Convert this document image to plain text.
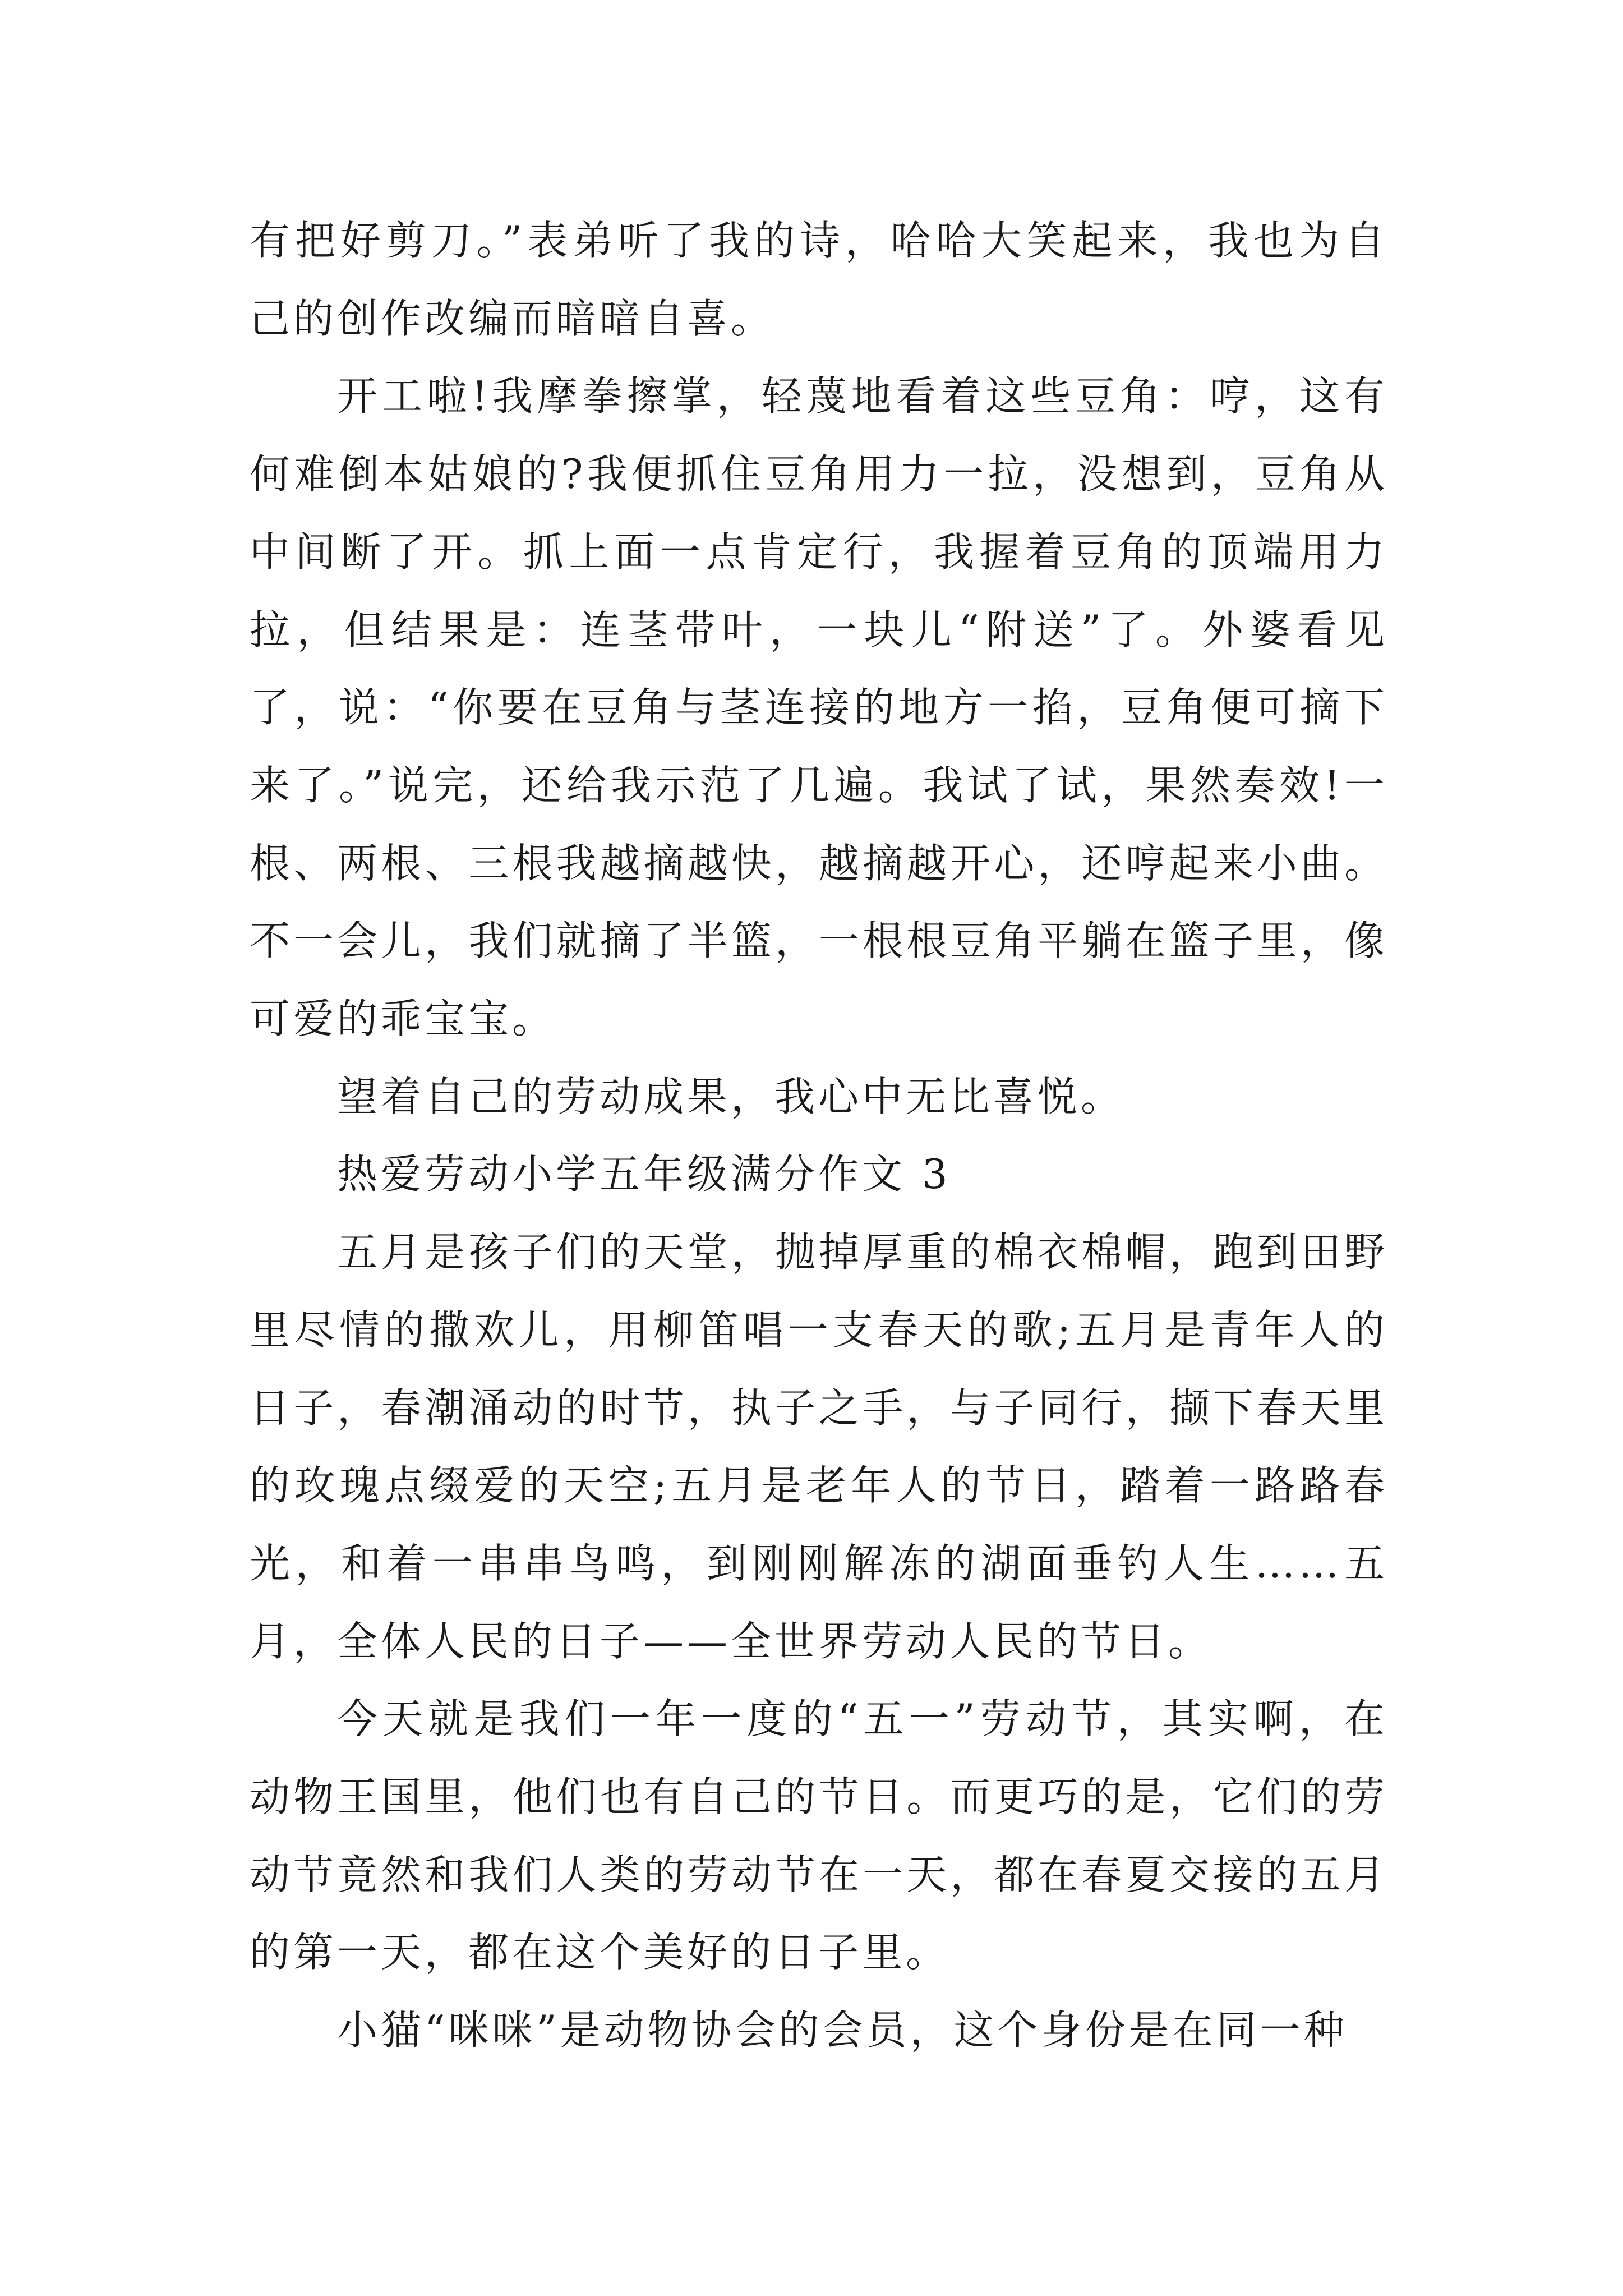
有把好剪刀。”表弟听了我的诗，哈哈大笑起来，我也为自己的创作改编而暗暗自喜。

开工啦!我摩拳擦掌，轻蔑地看着这些豆角：哼，这有何难倒本姑娘的?我便抓住豆角用力一拉，没想到，豆角从中间断了开。抓上面一点肯定行，我握着豆角的顶端用力拉，但结果是：连茎带叶，一块儿“附送”了。外婆看见了，说：“你要在豆角与茎连接的地方一掐，豆角便可摘下来了。”说完，还给我示范了几遍。我试了试，果然奏效!一根、两根、三根我越摘越快，越摘越开心，还哼起来小曲。不一会儿，我们就摘了半篮，一根根豆角平躺在篮子里，像可爱的乖宝宝。

望着自己的劳动成果，我心中无比喜悦。

热爱劳动小学五年级满分作文 3

五月是孩子们的天堂，抛掉厚重的棉衣棉帽，跑到田野里尽情的撒欢儿，用柳笛唱一支春天的歌;五月是青年人的日子，春潮涌动的时节，执子之手，与子同行，撷下春天里的玫瑰点缀爱的天空;五月是老年人的节日，踏着一路路春光，和着一串串鸟鸣，到刚刚解冻的湖面垂钓人生……五月，全体人民的日子——全世界劳动人民的节日。

今天就是我们一年一度的“五一”劳动节，其实啊，在动物王国里，他们也有自己的节日。而更巧的是，它们的劳动节竟然和我们人类的劳动节在一天，都在春夏交接的五月的第一天，都在这个美好的日子里。

小猫“咪咪”是动物协会的会员，这个身份是在同一种
